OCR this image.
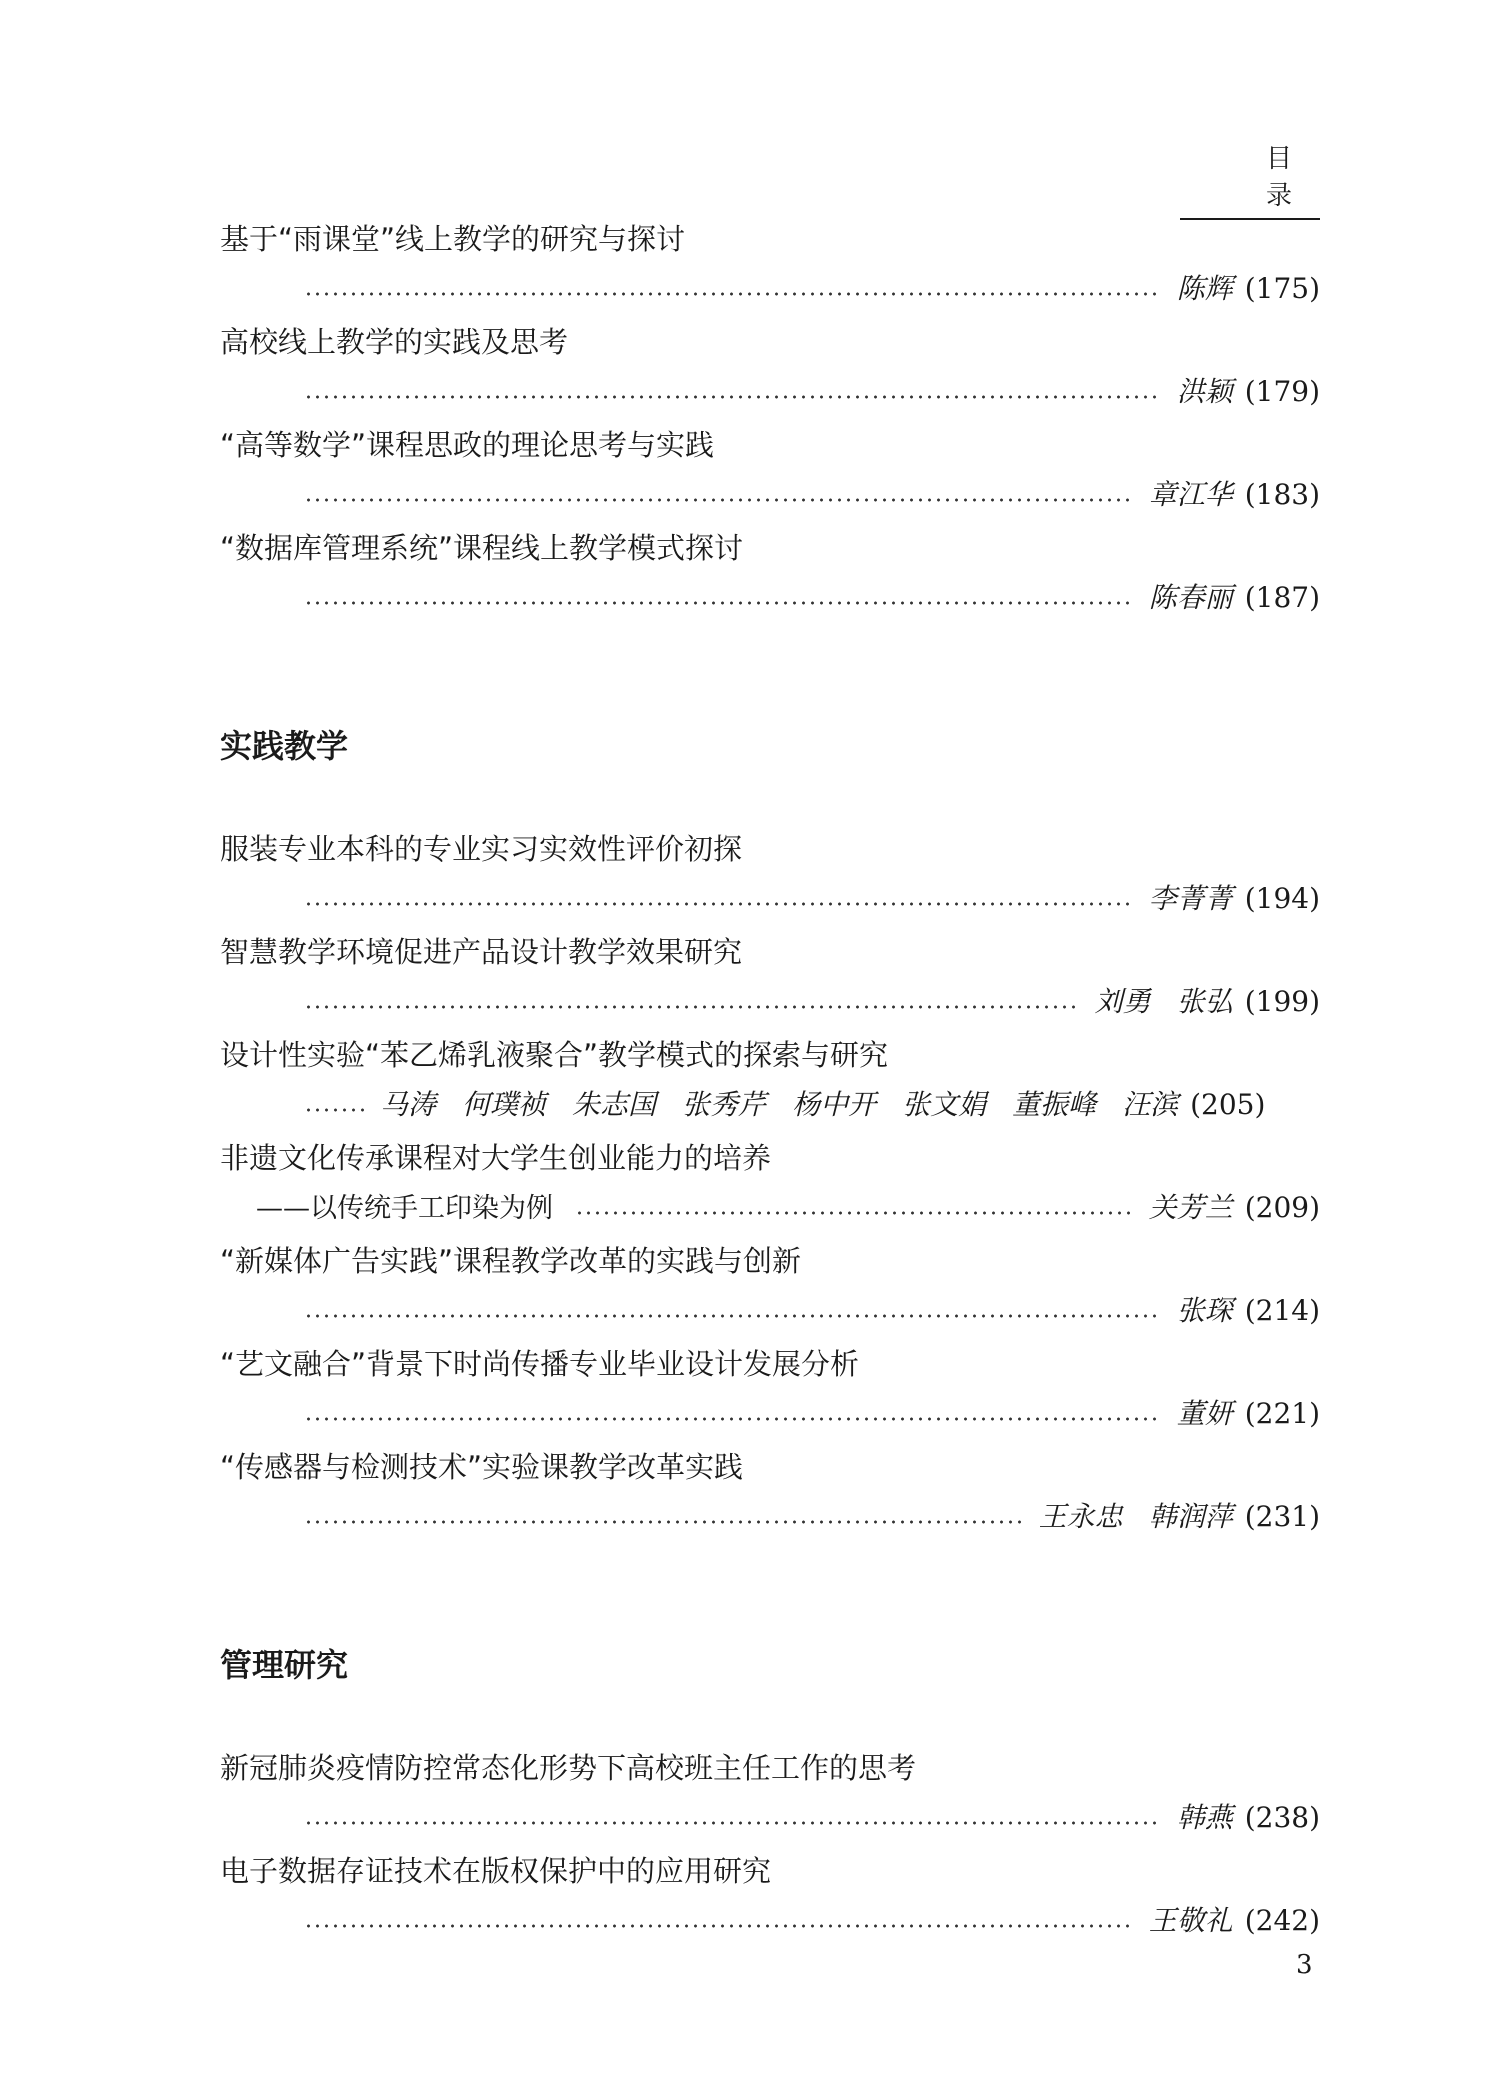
目 录
基于“雨课堂”线上教学的研究与探讨
陈辉 (175)
高校线上教学的实践及思考
洪颖 (179)
“高等数学”课程思政的理论思考与实践
章江华 (183)
“数据库管理系统”课程线上教学模式探讨
陈春丽 (187)
实践教学
服装专业本科的专业实习实效性评价初探
李菁菁 (194)
智慧教学环境促进产品设计教学效果研究
刘勇 张弘 (199)
设计性实验“苯乙烯乳液聚合”教学模式的探索与研究
马涛 何璞祯 朱志国 张秀芹 杨中开 张文娟 董振峰 汪滨 (205)
非遗文化传承课程对大学生创业能力的培养
——以传统手工印染为例	关芳兰 (209)
“新媒体广告实践”课程教学改革的实践与创新
张琛 (214)
“艺文融合”背景下时尚传播专业毕业设计发展分析
董妍 (221)
“传感器与检测技术”实验课教学改革实践
王永忠 韩润萍 (231)
管理研究
新冠肺炎疫情防控常态化形势下高校班主任工作的思考
韩燕 (238)
电子数据存证技术在版权保护中的应用研究
王敬礼 (242)
3
